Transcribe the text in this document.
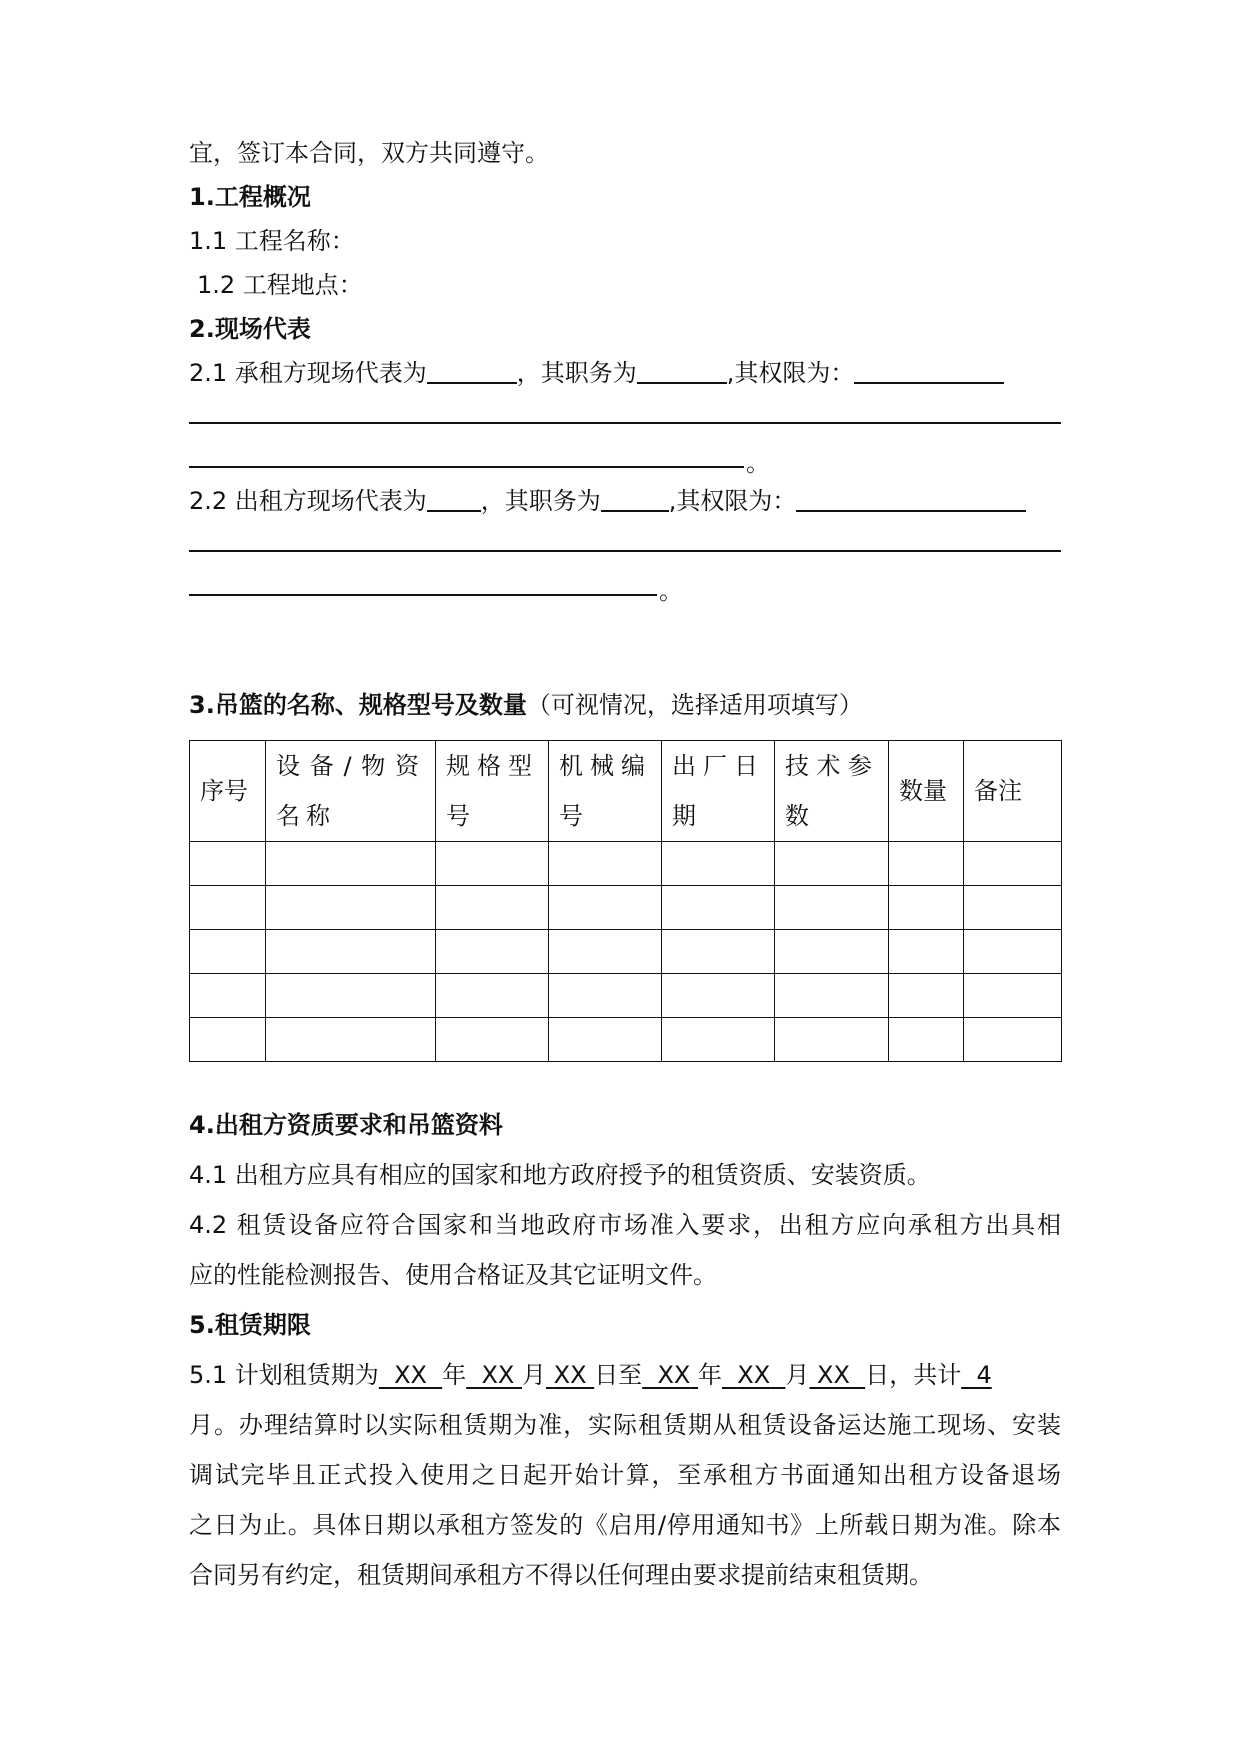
宜，签订本合同，双方共同遵守。
1.工程概况
1.1 工程名称：
1.2 工程地点：
2.现场代表
2.1 承租方现场代表为	，其职务为	,其权限为：
。
2.2 出租方现场代表为 ，其职务为	,其权限为：
。
3.吊篮的名称、规格型号及数量（可视情况，选择适用项填写）
序号	设备/物资名称	规格型号	机械编号	出厂日期	技术参数	数量	备注

4.出租方资质要求和吊篮资料
4.1 出租方应具有相应的国家和地方政府授予的租赁资质、安装资质。
4.2 租赁设备应符合国家和当地政府市场准入要求，出租方应向承租方出具相
应的性能检测报告、使用合格证及其它证明文件。
5.租赁期限
5.1 计划租赁期为 XX 年 XX 月 XX 日至 XX 年 XX 月 XX 日，共计 4
月。办理结算时以实际租赁期为准，实际租赁期从租赁设备运达施工现场、安装
调试完毕且正式投入使用之日起开始计算，至承租方书面通知出租方设备退场
之日为止。具体日期以承租方签发的《启用/停用通知书》上所载日期为准。除本
合同另有约定，租赁期间承租方不得以任何理由要求提前结束租赁期。
